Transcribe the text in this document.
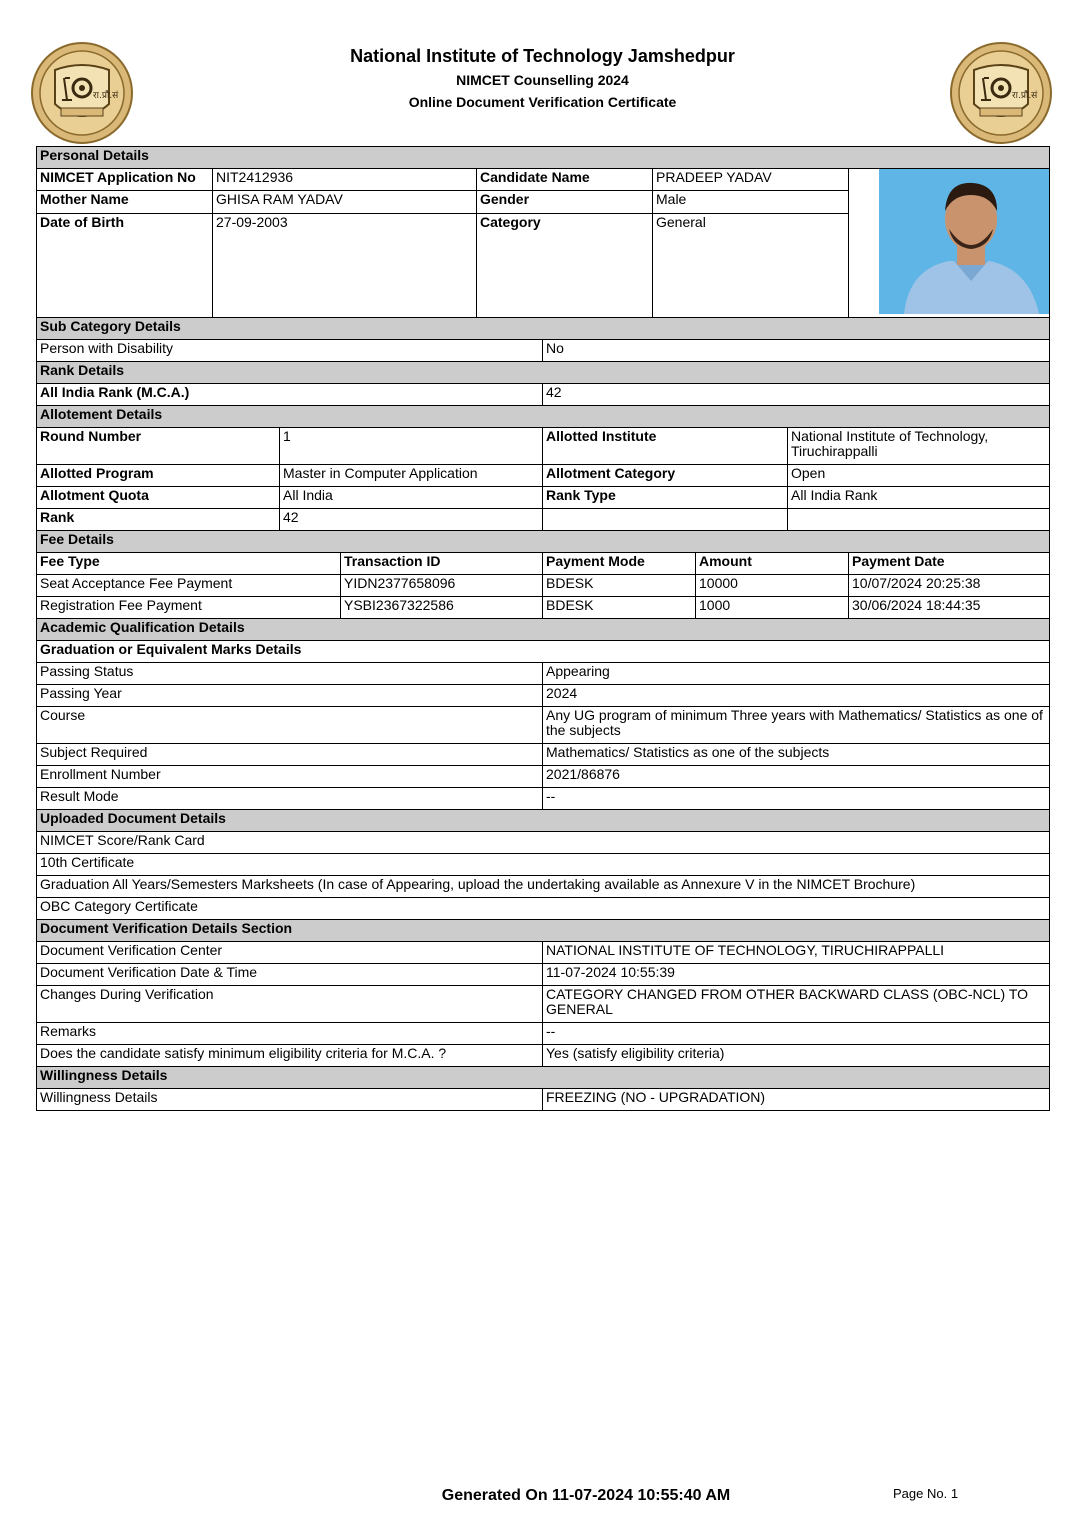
रा.प्रौ.सं	रा.प्रौ.सं
National Institute of Technology Jamshedpur
NIMCET Counselling 2024
Online Document Verification Certificate
Personal Details									
NIMCET Application No	NIT2412936			Candidate Name		PRADEEP YADAV	
Mother Name	GHISA RAM YADAV			Gender		Male			
Date of Birth	27-09-2003			Category		General			
Sub Category Details									
Person with Disability					No				
Rank Details									
All India Rank (M.C.A.)					42				
Allotement Details									
Round Number		1			Allotted Institute			National Institute of Technology, Tiruchirappalli	
Allotted Program		Master in Computer Application			Allotment Category			Open	
Allotment Quota		All India			Rank Type			All India Rank	
Rank		42							
Fee Details									
Fee Type			Transaction ID		Payment Mode		Amount		Payment Date
Seat Acceptance Fee Payment			YIDN2377658096		BDESK		10000		10/07/2024 20:25:38
Registration Fee Payment			YSBI2367322586		BDESK		1000		30/06/2024 18:44:35
Academic Qualification Details									
Graduation or Equivalent Marks Details									
Passing Status					Appearing				
Passing Year					2024				
Course					Any UG program of minimum Three years with Mathematics/ Statistics as one of the subjects				
Subject Required					Mathematics/ Statistics as one of the subjects				
Enrollment Number					2021/86876				
Result Mode					--				
Uploaded Document Details									
NIMCET Score/Rank Card									
10th Certificate									
Graduation All Years/Semesters Marksheets (In case of Appearing, upload the undertaking available as Annexure V in the NIMCET Brochure)									
OBC Category Certificate									
Document Verification Details Section									
Document Verification Center					NATIONAL INSTITUTE OF TECHNOLOGY, TIRUCHIRAPPALLI				
Document Verification Date & Time					11-07-2024 10:55:39				
Changes During Verification					CATEGORY CHANGED FROM OTHER BACKWARD CLASS (OBC-NCL) TO GENERAL				
Remarks					--				
Does the candidate satisfy minimum eligibility criteria for M.C.A. ?					Yes (satisfy eligibility criteria)				
Willingness Details									
Willingness Details					FREEZING (NO - UPGRADATION)				
Generated On 11-07-2024 10:55:40 AM	Page No. 1
